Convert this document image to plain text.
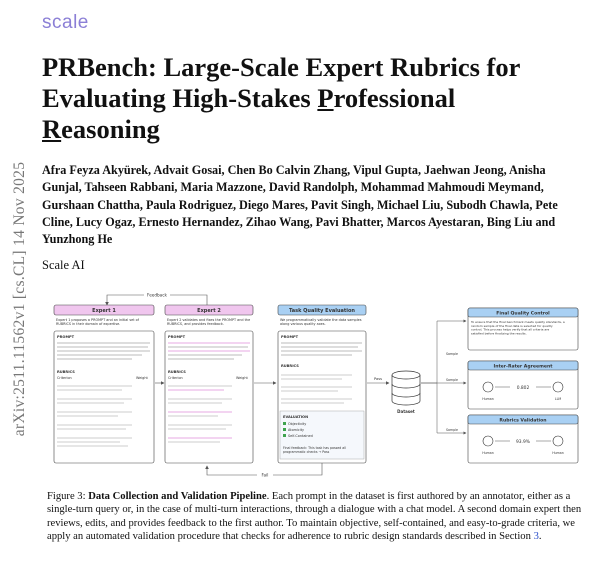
scale
arXiv:2511.11562v1 [cs.CL] 14 Nov 2025
PRBench: Large-Scale Expert Rubrics for
Evaluating High-Stakes Professional
Reasoning
Afra Feyza Akyürek, Advait Gosai, Chen Bo Calvin Zhang, Vipul Gupta, Jaehwan Jeong, Anisha Gunjal, Tahseen Rabbani, Maria Mazzone, David Randolph, Mohammad Mahmoudi Meymand, Gurshaan Chattha, Paula Rodriguez, Diego Mares, Pavit Singh, Michael Liu, Subodh Chawla, Pete Cline, Lucy Ogaz, Ernesto Hernandez, Zihao Wang, Pavi Bhatter, Marcos Ayestaran, Bing Liu and Yunzhong He
Scale AI
Feedback
Fail
Expert 1
Expert 1 proposes a PROMPT and an initial set of RUBRICS in their domain of expertise.
PROMPT
RUBRICS
Criterion	Weight
Expert 2
Expert 2 validates and fixes the PROMPT and the RUBRICS, and provides feedback.
PROMPT
RUBRICS
Criterion	Weight
Task Quality Evaluation
We programmatically validate the data samples along various quality axes.
PROMPT
RUBRICS
EVALUATION
Objectivity
Atomicity
Self-Contained
Final feedback: This task has passed all programmatic checks → Pass
Pass
Dataset
Sample
Sample
Sample
Final Quality Control
To ensure that the final benchmark meets quality standards, a random sample of the final data is selected for quality control. This process helps verify that all criteria are satisfied before finalizing the results.
Inter-Rater Agreement
0.802
Human	LLM
Rubrics Validation
93.9%
Human	Human
Figure 3: Data Collection and Validation Pipeline. Each prompt in the dataset is first authored by an annotator, either as a single-turn query or, in the case of multi-turn interactions, through a dialogue with a chat model. A second domain expert then reviews, edits, and provides feedback to the first author. To maintain objective, self-contained, and easy-to-grade criteria, we apply an automated validation procedure that checks for adherence to rubric design standards described in Section 3.
